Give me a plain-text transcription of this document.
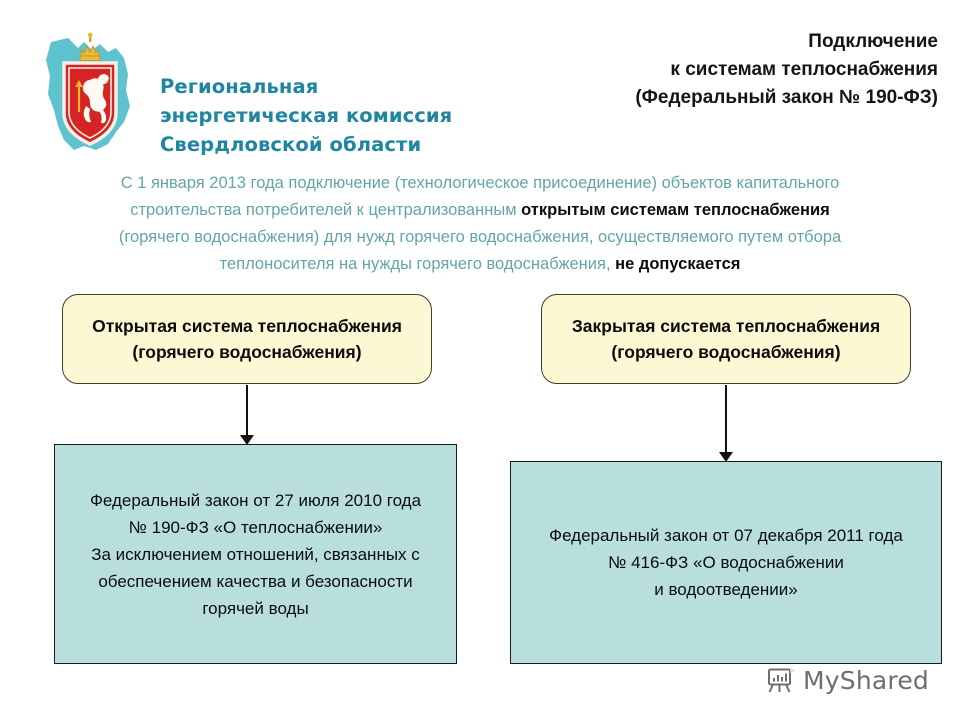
Региональная
энергетическая комиссия
Свердловской области
Подключение
к системам теплоснабжения
(Федеральный закон № 190-ФЗ)
С 1 января 2013 года подключение (технологическое присоединение) объектов капитального
строительства потребителей к централизованным открытым системам теплоснабжения
(горячего водоснабжения) для нужд горячего водоснабжения, осуществляемого путем отбора
теплоносителя на нужды горячего водоснабжения, не допускается
Открытая система теплоснабжения
(горячего водоснабжения)
Закрытая система теплоснабжения
(горячего водоснабжения)
Федеральный закон от 27 июля 2010 года
№ 190-ФЗ «О теплоснабжении»
За исключением отношений, связанных с
обеспечением качества и безопасности
горячей воды
Федеральный закон от 07 декабря 2011 года
№ 416-ФЗ «О водоснабжении
и водоотведении»
MyShared
